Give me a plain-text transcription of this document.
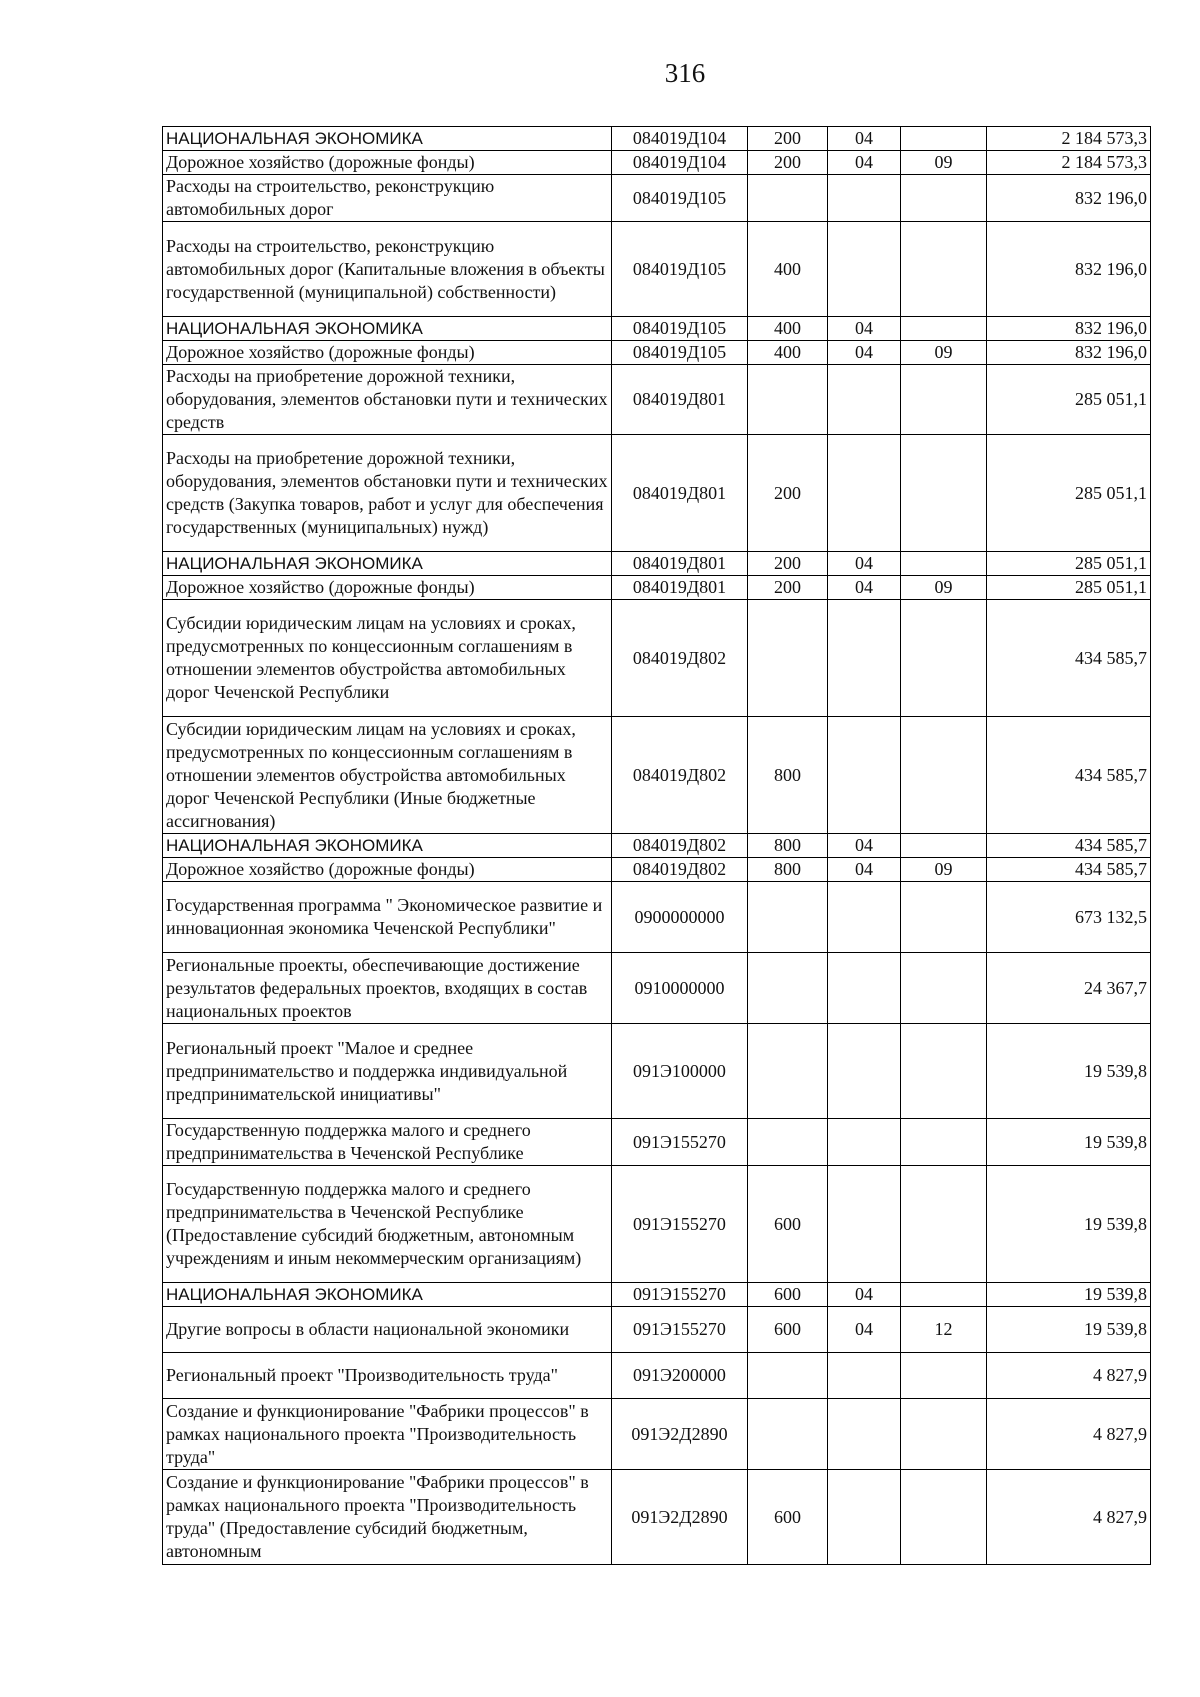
316
НАЦИОНАЛЬНАЯ ЭКОНОМИКА	084019Д104	200	04		2 184 573,3
Дорожное хозяйство (дорожные фонды)	084019Д104	200	04	09	2 184 573,3
Расходы на строительство, реконструкцию автомобильных дорог	084019Д105				832 196,0
Расходы на строительство, реконструкцию автомобильных дорог (Капитальные вложения в объекты государственной (муниципальной) собственности)	084019Д105	400			832 196,0
НАЦИОНАЛЬНАЯ ЭКОНОМИКА	084019Д105	400	04		832 196,0
Дорожное хозяйство (дорожные фонды)	084019Д105	400	04	09	832 196,0
Расходы на приобретение дорожной техники, оборудования, элементов обстановки пути и технических средств	084019Д801				285 051,1
Расходы на приобретение дорожной техники, оборудования, элементов обстановки пути и технических средств (Закупка товаров, работ и услуг для обеспечения государственных (муниципальных) нужд)	084019Д801	200			285 051,1
НАЦИОНАЛЬНАЯ ЭКОНОМИКА	084019Д801	200	04		285 051,1
Дорожное хозяйство (дорожные фонды)	084019Д801	200	04	09	285 051,1
Субсидии юридическим лицам на условиях и сроках, предусмотренных по концессионным соглашениям в отношении элементов обустройства автомобильных дорог Чеченской Республики	084019Д802				434 585,7
Субсидии юридическим лицам на условиях и сроках, предусмотренных по концессионным соглашениям в отношении элементов обустройства автомобильных дорог Чеченской Республики (Иные бюджетные ассигнования)	084019Д802	800			434 585,7
НАЦИОНАЛЬНАЯ ЭКОНОМИКА	084019Д802	800	04		434 585,7
Дорожное хозяйство (дорожные фонды)	084019Д802	800	04	09	434 585,7
Государственная программа " Экономическое развитие и инновационная экономика Чеченской Республики"	0900000000				673 132,5
Региональные проекты, обеспечивающие достижение результатов федеральных проектов, входящих в состав национальных проектов	0910000000				24 367,7
Региональный проект "Малое и среднее предпринимательство и поддержка индивидуальной предпринимательской инициативы"	091Э100000				19 539,8
Государственную поддержка малого и среднего предпринимательства в Чеченской Республике	091Э155270				19 539,8
Государственную поддержка малого и среднего предпринимательства в Чеченской Республике (Предоставление субсидий бюджетным, автономным учреждениям и иным некоммерческим организациям)	091Э155270	600			19 539,8
НАЦИОНАЛЬНАЯ ЭКОНОМИКА	091Э155270	600	04		19 539,8
Другие вопросы в области национальной экономики	091Э155270	600	04	12	19 539,8
Региональный проект "Производительность труда"	091Э200000				4 827,9
Создание и функционирование "Фабрики процессов" в рамках национального проекта "Производительность труда"	091Э2Д2890				4 827,9
Создание и функционирование "Фабрики процессов" в рамках национального проекта "Производительность труда" (Предоставление субсидий бюджетным, автономным	091Э2Д2890	600			4 827,9
